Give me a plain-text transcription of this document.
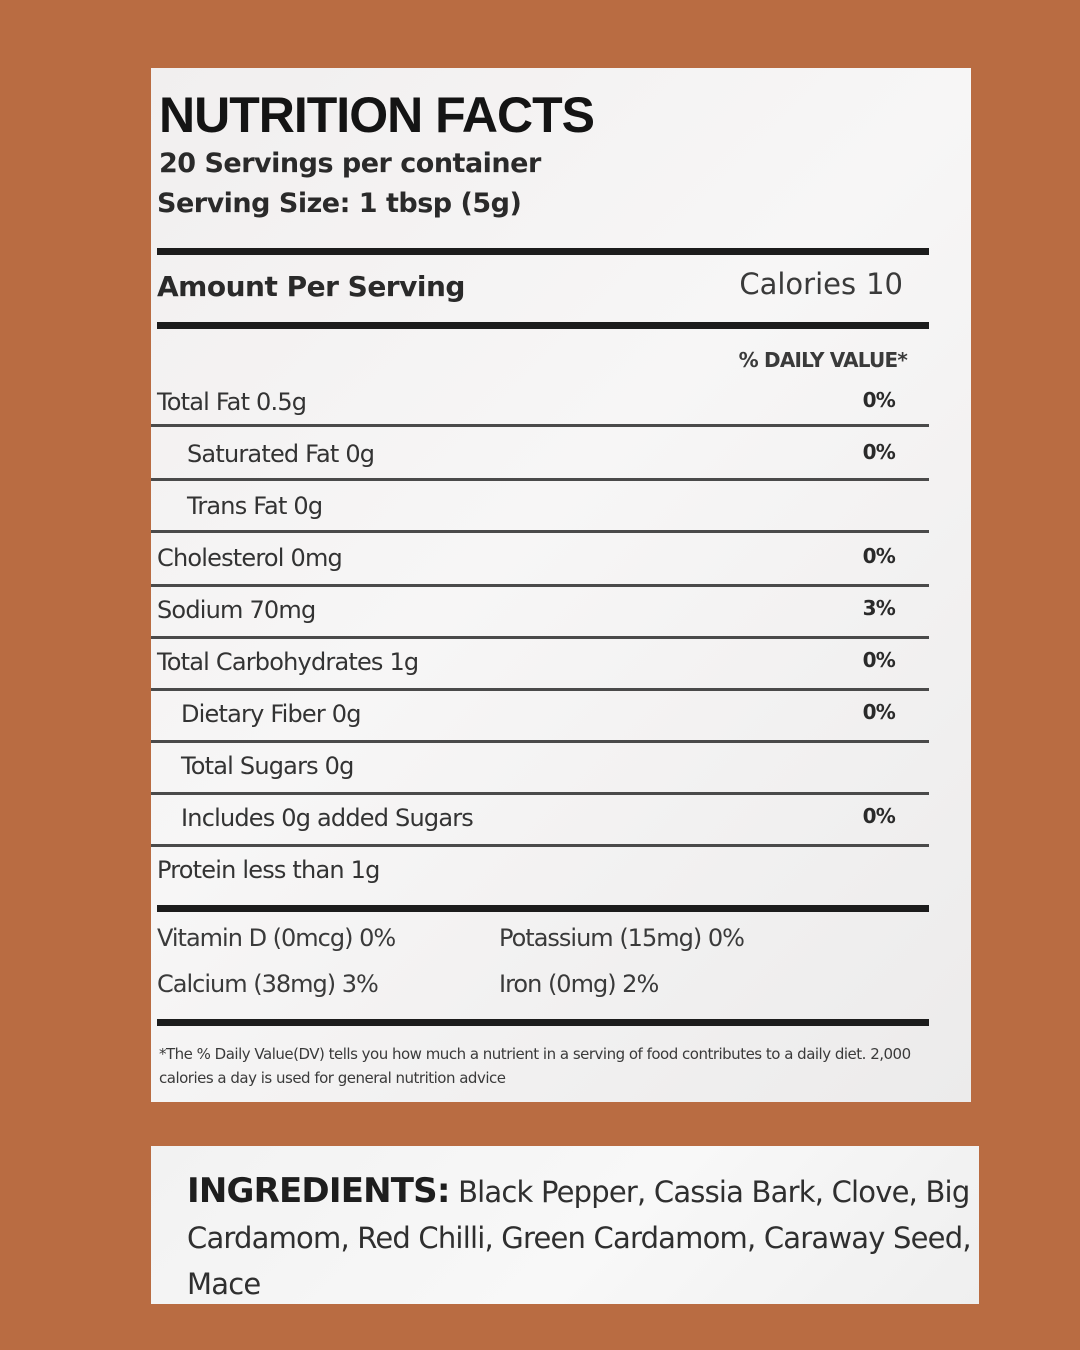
NUTRITION FACTS
20 Servings per container
Serving Size: 1 tbsp (5g)
Amount Per Serving	Calories 10
% DAILY VALUE*
Total Fat 0.5g	0%
Saturated Fat 0g	0%
Trans Fat 0g
Cholesterol 0mg	0%
Sodium 70mg	3%
Total Carbohydrates 1g	0%
Dietary Fiber 0g	0%
Total Sugars 0g
Includes 0g added Sugars	0%
Protein less than 1g
Vitamin D (0mcg) 0%	Potassium (15mg) 0%
Calcium (38mg) 3%	Iron (0mg) 2%
*The % Daily Value(DV) tells you how much a nutrient in a serving of food contributes to a daily diet. 2,000 calories a day is used for general nutrition advice
INGREDIENTS: Black Pepper, Cassia Bark, Clove, Big Cardamom, Red Chilli, Green Cardamom, Caraway Seed, Mace
